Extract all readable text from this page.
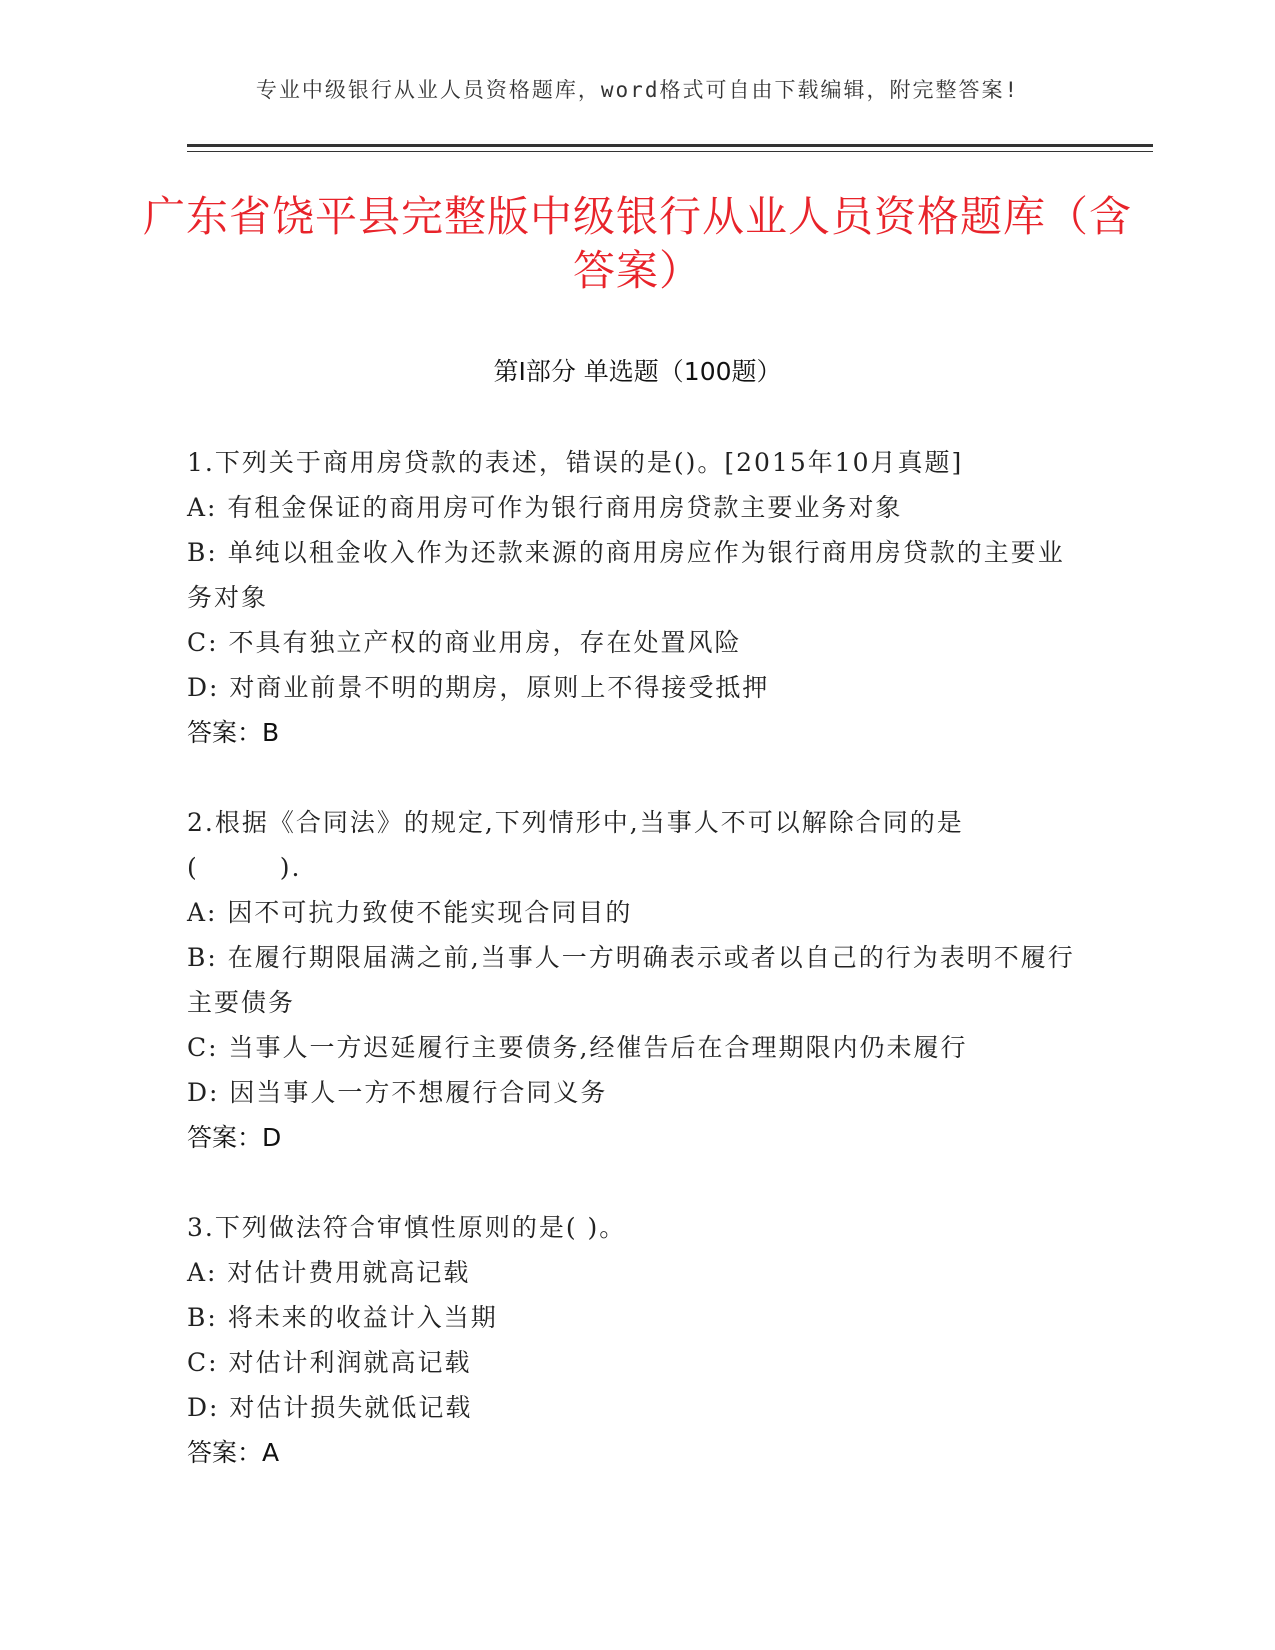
专业中级银行从业人员资格题库，word格式可自由下载编辑，附完整答案!
广东省饶平县完整版中级银行从业人员资格题库（含答案）
第Ⅰ部分 单选题（100题）
1.下列关于商用房贷款的表述，错误的是()。[2015年10月真题]
A: 有租金保证的商用房可作为银行商用房贷款主要业务对象
B: 单纯以租金收入作为还款来源的商用房应作为银行商用房贷款的主要业务对象
C: 不具有独立产权的商业用房，存在处置风险
D: 对商业前景不明的期房，原则上不得接受抵押
答案：B
2.根据《合同法》的规定,下列情形中,当事人不可以解除合同的是(　　　).
A: 因不可抗力致使不能实现合同目的
B: 在履行期限届满之前,当事人一方明确表示或者以自己的行为表明不履行主要债务
C: 当事人一方迟延履行主要债务,经催告后在合理期限内仍未履行
D: 因当事人一方不想履行合同义务
答案：D
3.下列做法符合审慎性原则的是( )。
A: 对估计费用就高记载
B: 将未来的收益计入当期
C: 对估计利润就高记载
D: 对估计损失就低记载
答案：A
